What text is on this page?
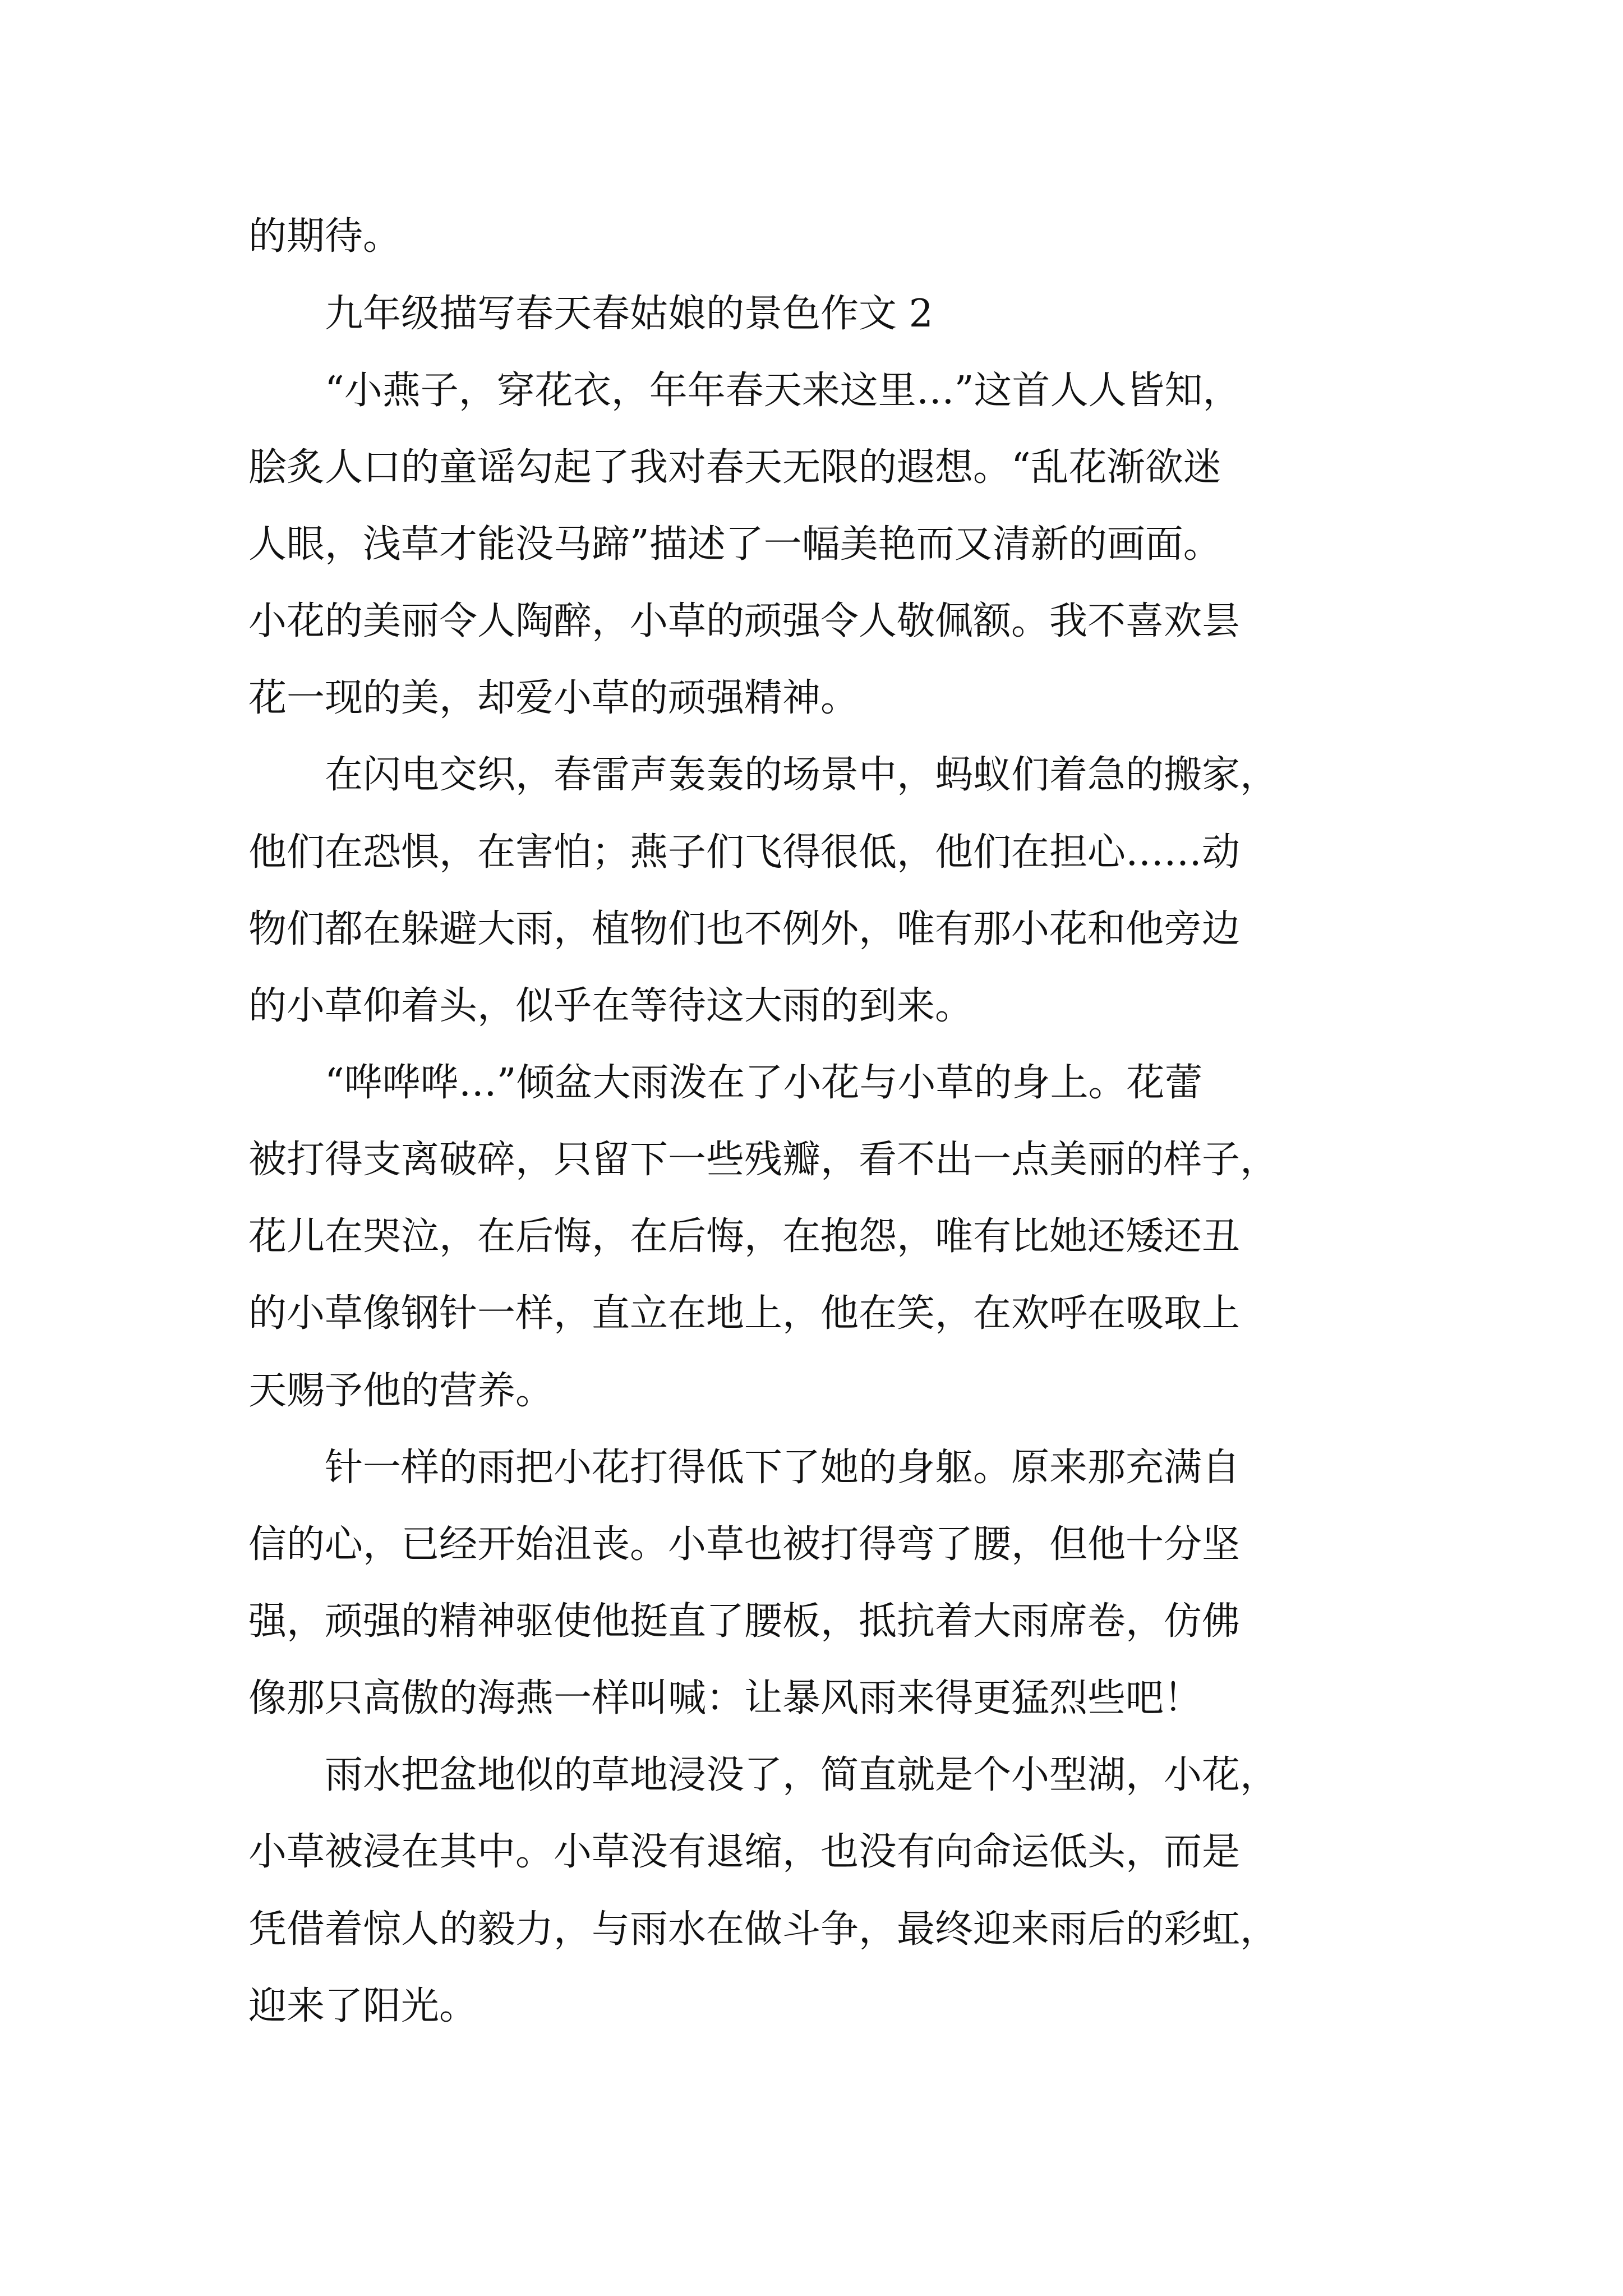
的期待。
　　九年级描写春天春姑娘的景色作文 2
　　“小燕子，穿花衣，年年春天来这里…”这首人人皆知，
脍炙人口的童谣勾起了我对春天无限的遐想。“乱花渐欲迷
人眼，浅草才能没马蹄”描述了一幅美艳而又清新的画面。
小花的美丽令人陶醉，小草的顽强令人敬佩额。我不喜欢昙
花一现的美，却爱小草的顽强精神。
　　在闪电交织，春雷声轰轰的场景中，蚂蚁们着急的搬家，
他们在恐惧，在害怕；燕子们飞得很低，他们在担心……动
物们都在躲避大雨，植物们也不例外，唯有那小花和他旁边
的小草仰着头，似乎在等待这大雨的到来。
　　“哗哗哗…”倾盆大雨泼在了小花与小草的身上。花蕾
被打得支离破碎，只留下一些残瓣，看不出一点美丽的样子，
花儿在哭泣，在后悔，在后悔，在抱怨，唯有比她还矮还丑
的小草像钢针一样，直立在地上，他在笑，在欢呼在吸取上
天赐予他的营养。
　　针一样的雨把小花打得低下了她的身躯。原来那充满自
信的心，已经开始沮丧。小草也被打得弯了腰，但他十分坚
强，顽强的精神驱使他挺直了腰板，抵抗着大雨席卷，仿佛
像那只高傲的海燕一样叫喊：让暴风雨来得更猛烈些吧！
　　雨水把盆地似的草地浸没了，简直就是个小型湖，小花，
小草被浸在其中。小草没有退缩，也没有向命运低头，而是
凭借着惊人的毅力，与雨水在做斗争，最终迎来雨后的彩虹，
迎来了阳光。
